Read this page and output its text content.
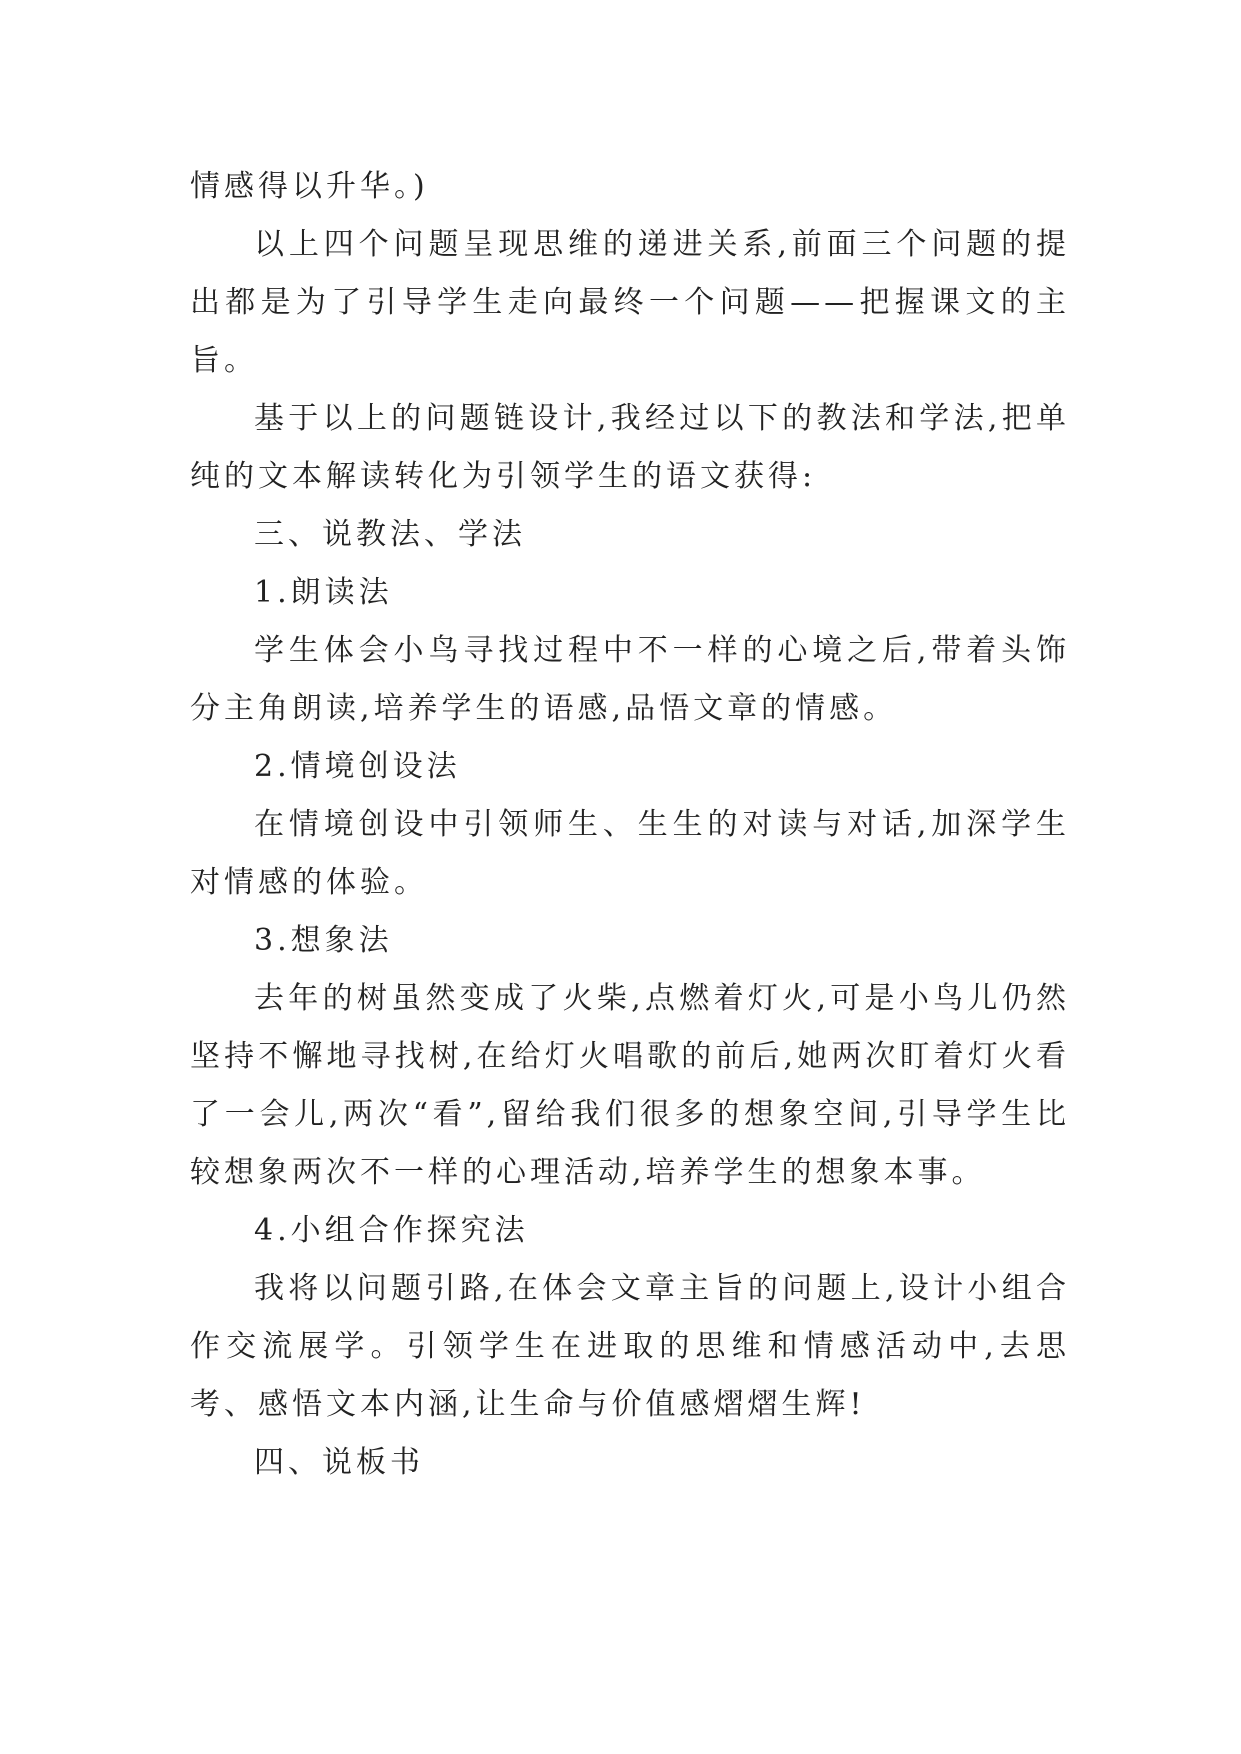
情感得以升华。)

以上四个问题呈现思维的递进关系,前面三个问题的提出都是为了引导学生走向最终一个问题——把握课文的主旨。

基于以上的问题链设计,我经过以下的教法和学法,把单纯的文本解读转化为引领学生的语文获得:

三、说教法、学法

1.朗读法

学生体会小鸟寻找过程中不一样的心境之后,带着头饰分主角朗读,培养学生的语感,品悟文章的情感。

2.情境创设法

在情境创设中引领师生、生生的对读与对话,加深学生对情感的体验。

3.想象法

去年的树虽然变成了火柴,点燃着灯火,可是小鸟儿仍然坚持不懈地寻找树,在给灯火唱歌的前后,她两次盯着灯火看了一会儿,两次“看”,留给我们很多的想象空间,引导学生比较想象两次不一样的心理活动,培养学生的想象本事。

4.小组合作探究法

我将以问题引路,在体会文章主旨的问题上,设计小组合作交流展学。引领学生在进取的思维和情感活动中,去思考、感悟文本内涵,让生命与价值感熠熠生辉!

四、说板书
